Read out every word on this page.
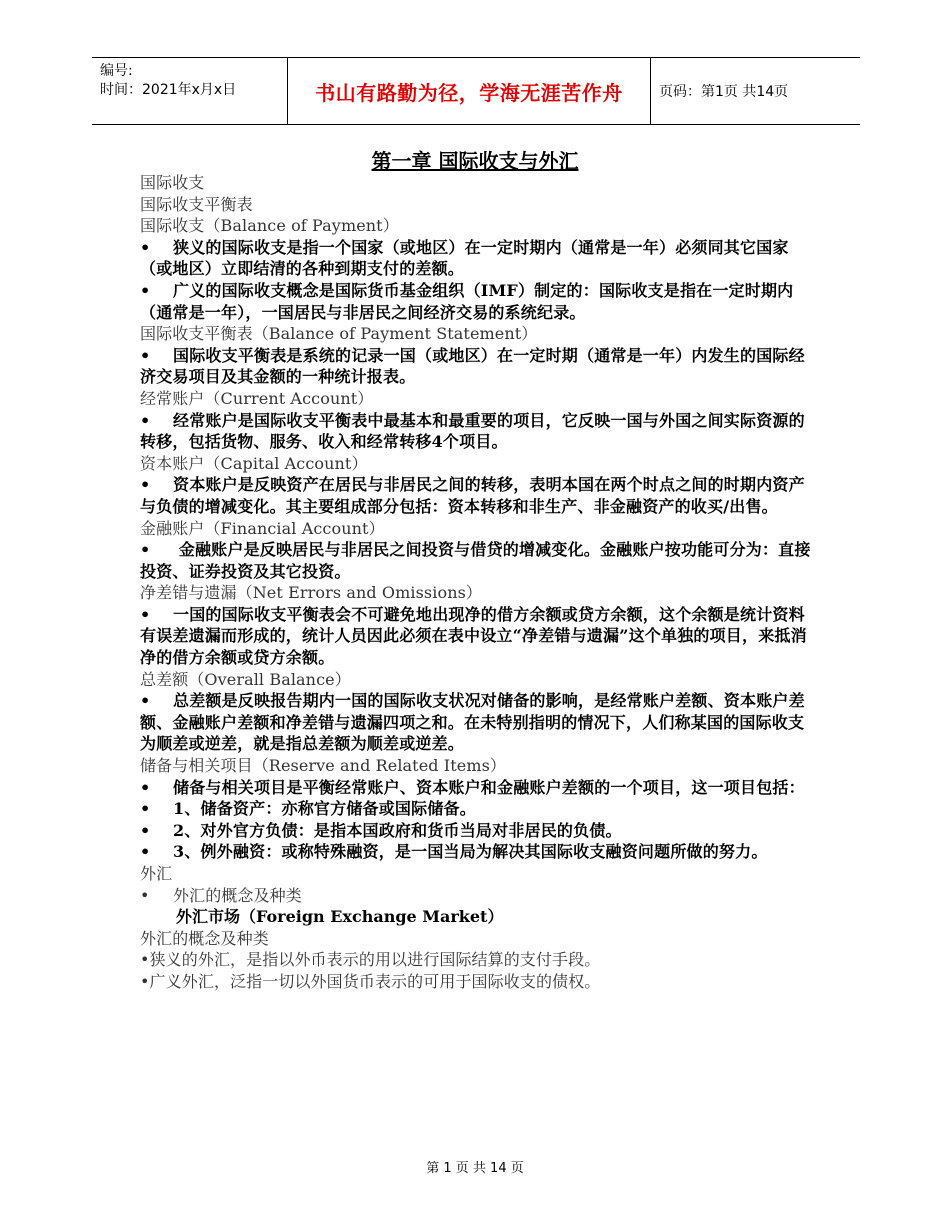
编号:
时间：2021年x月x日	书山有路勤为径，学海无涯苦作舟	页码：第1页 共14页
第一章 国际收支与外汇
国际收支
国际收支平衡表
国际收支（Balance of Payment）
• 狭义的国际收支是指一个国家（或地区）在一定时期内（通常是一年）必须同其它国家（或地区）立即结清的各种到期支付的差额。
• 广义的国际收支概念是国际货币基金组织（IMF）制定的：国际收支是指在一定时期内（通常是一年），一国居民与非居民之间经济交易的系统纪录。
国际收支平衡表（Balance of Payment Statement）
• 国际收支平衡表是系统的记录一国（或地区）在一定时期（通常是一年）内发生的国际经济交易项目及其金额的一种统计报表。
经常账户（Current Account）
• 经常账户是国际收支平衡表中最基本和最重要的项目，它反映一国与外国之间实际资源的转移，包括货物、服务、收入和经常转移4个项目。
资本账户（Capital Account）
• 资本账户是反映资产在居民与非居民之间的转移，表明本国在两个时点之间的时期内资产与负债的增减变化。其主要组成部分包括：资本转移和非生产、非金融资产的收买/出售。
金融账户（Financial Account）
• 金融账户是反映居民与非居民之间投资与借贷的增减变化。金融账户按功能可分为：直接投资、证券投资及其它投资。
净差错与遗漏（Net Errors and Omissions）
• 一国的国际收支平衡表会不可避免地出现净的借方余额或贷方余额，这个余额是统计资料有误差遗漏而形成的，统计人员因此必须在表中设立“净差错与遗漏”这个单独的项目，来抵消净的借方余额或贷方余额。
总差额（Overall Balance）
• 总差额是反映报告期内一国的国际收支状况对储备的影响，是经常账户差额、资本账户差额、金融账户差额和净差错与遗漏四项之和。在未特别指明的情况下，人们称某国的国际收支为顺差或逆差，就是指总差额为顺差或逆差。
储备与相关项目（Reserve and Related Items）
• 储备与相关项目是平衡经常账户、资本账户和金融账户差额的一个项目，这一项目包括：
• 1、储备资产：亦称官方储备或国际储备。
• 2、对外官方负债：是指本国政府和货币当局对非居民的负债。
• 3、例外融资：或称特殊融资，是一国当局为解决其国际收支融资问题所做的努力。
外汇
• 外汇的概念及种类
外汇市场（Foreign Exchange Market）
外汇的概念及种类
•狭义的外汇，是指以外币表示的用以进行国际结算的支付手段。
•广义外汇，泛指一切以外国货币表示的可用于国际收支的债权。
第 1 页 共 14 页
